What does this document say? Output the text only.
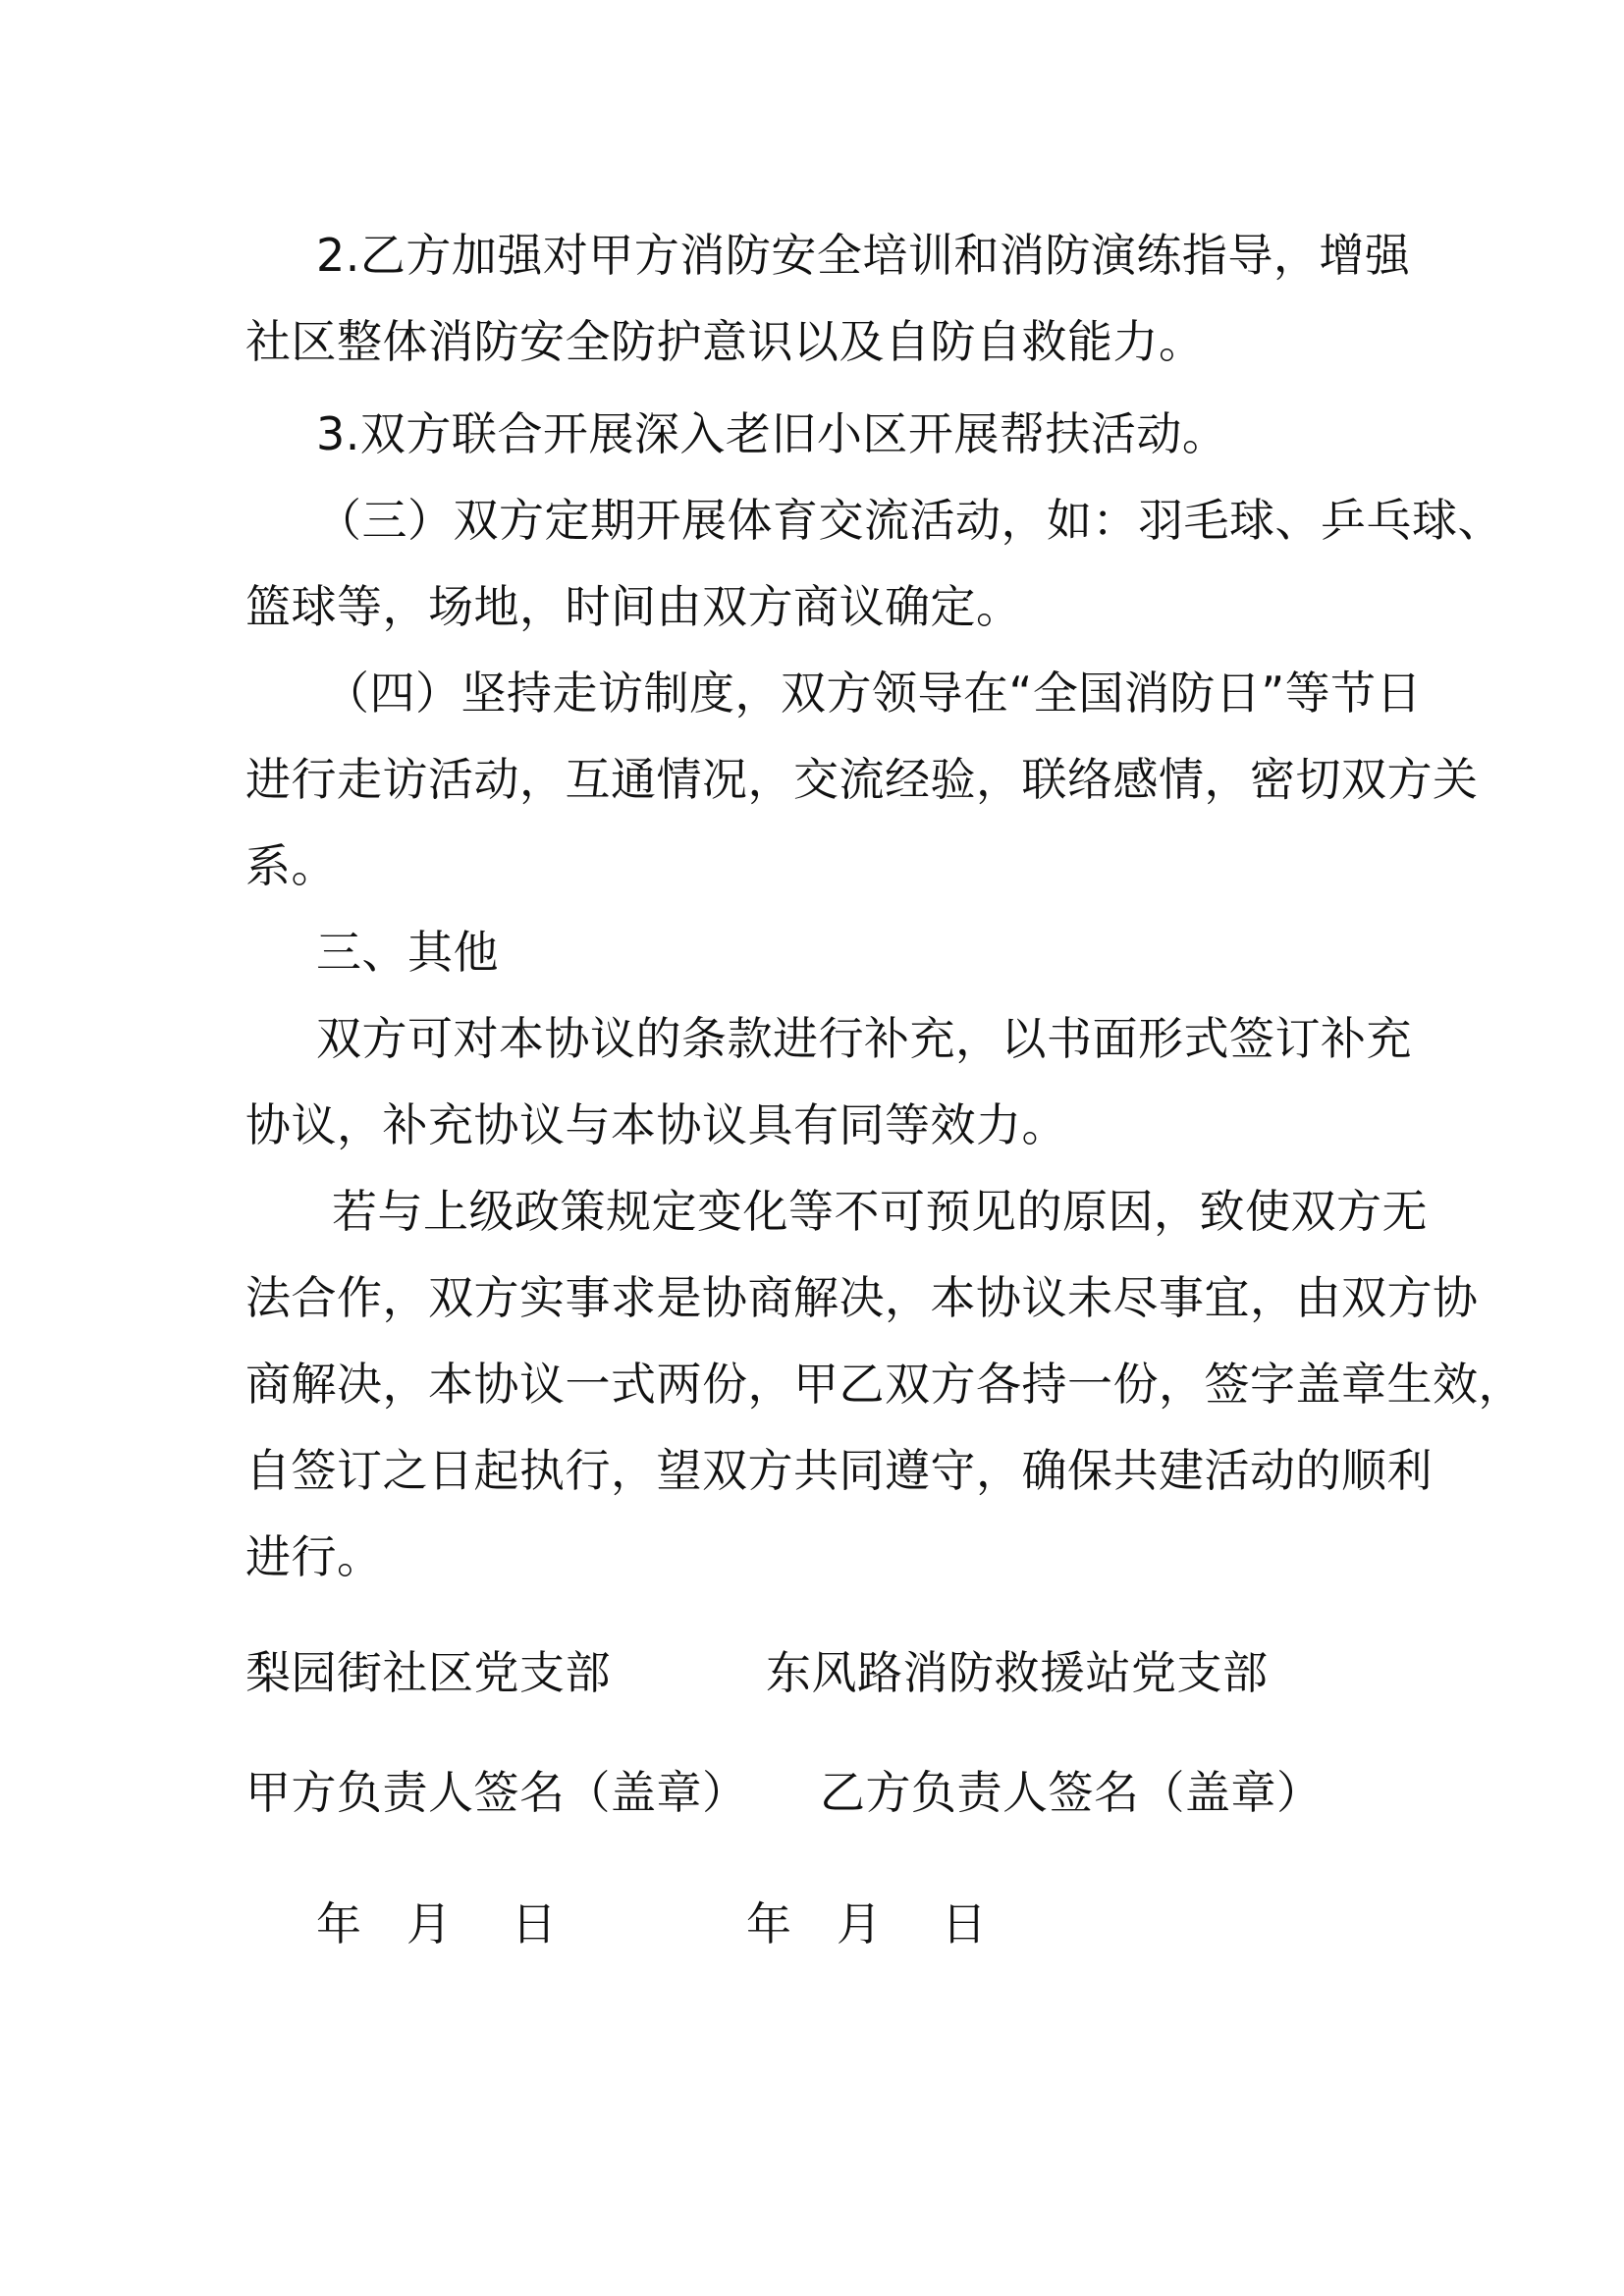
2.乙方加强对甲方消防安全培训和消防演练指导，增强
社区整体消防安全防护意识以及自防自救能力。
3.双方联合开展深入老旧小区开展帮扶活动。
（三）双方定期开展体育交流活动，如：羽毛球、乒乓球、
篮球等，场地，时间由双方商议确定。
（四）坚持走访制度，双方领导在“全国消防日”等节日
进行走访活动，互通情况，交流经验，联络感情，密切双方关
系。
三、其他
双方可对本协议的条款进行补充，以书面形式签订补充
协议，补充协议与本协议具有同等效力。
若与上级政策规定变化等不可预见的原因，致使双方无
法合作，双方实事求是协商解决，本协议未尽事宜，由双方协
商解决，本协议一式两份，甲乙双方各持一份，签字盖章生效，
自签订之日起执行，望双方共同遵守，确保共建活动的顺利
进行。
梨园街社区党支部	东风路消防救援站党支部
甲方负责人签名（盖章） 乙方负责人签名（盖章）
年   月    日	年   月    日
